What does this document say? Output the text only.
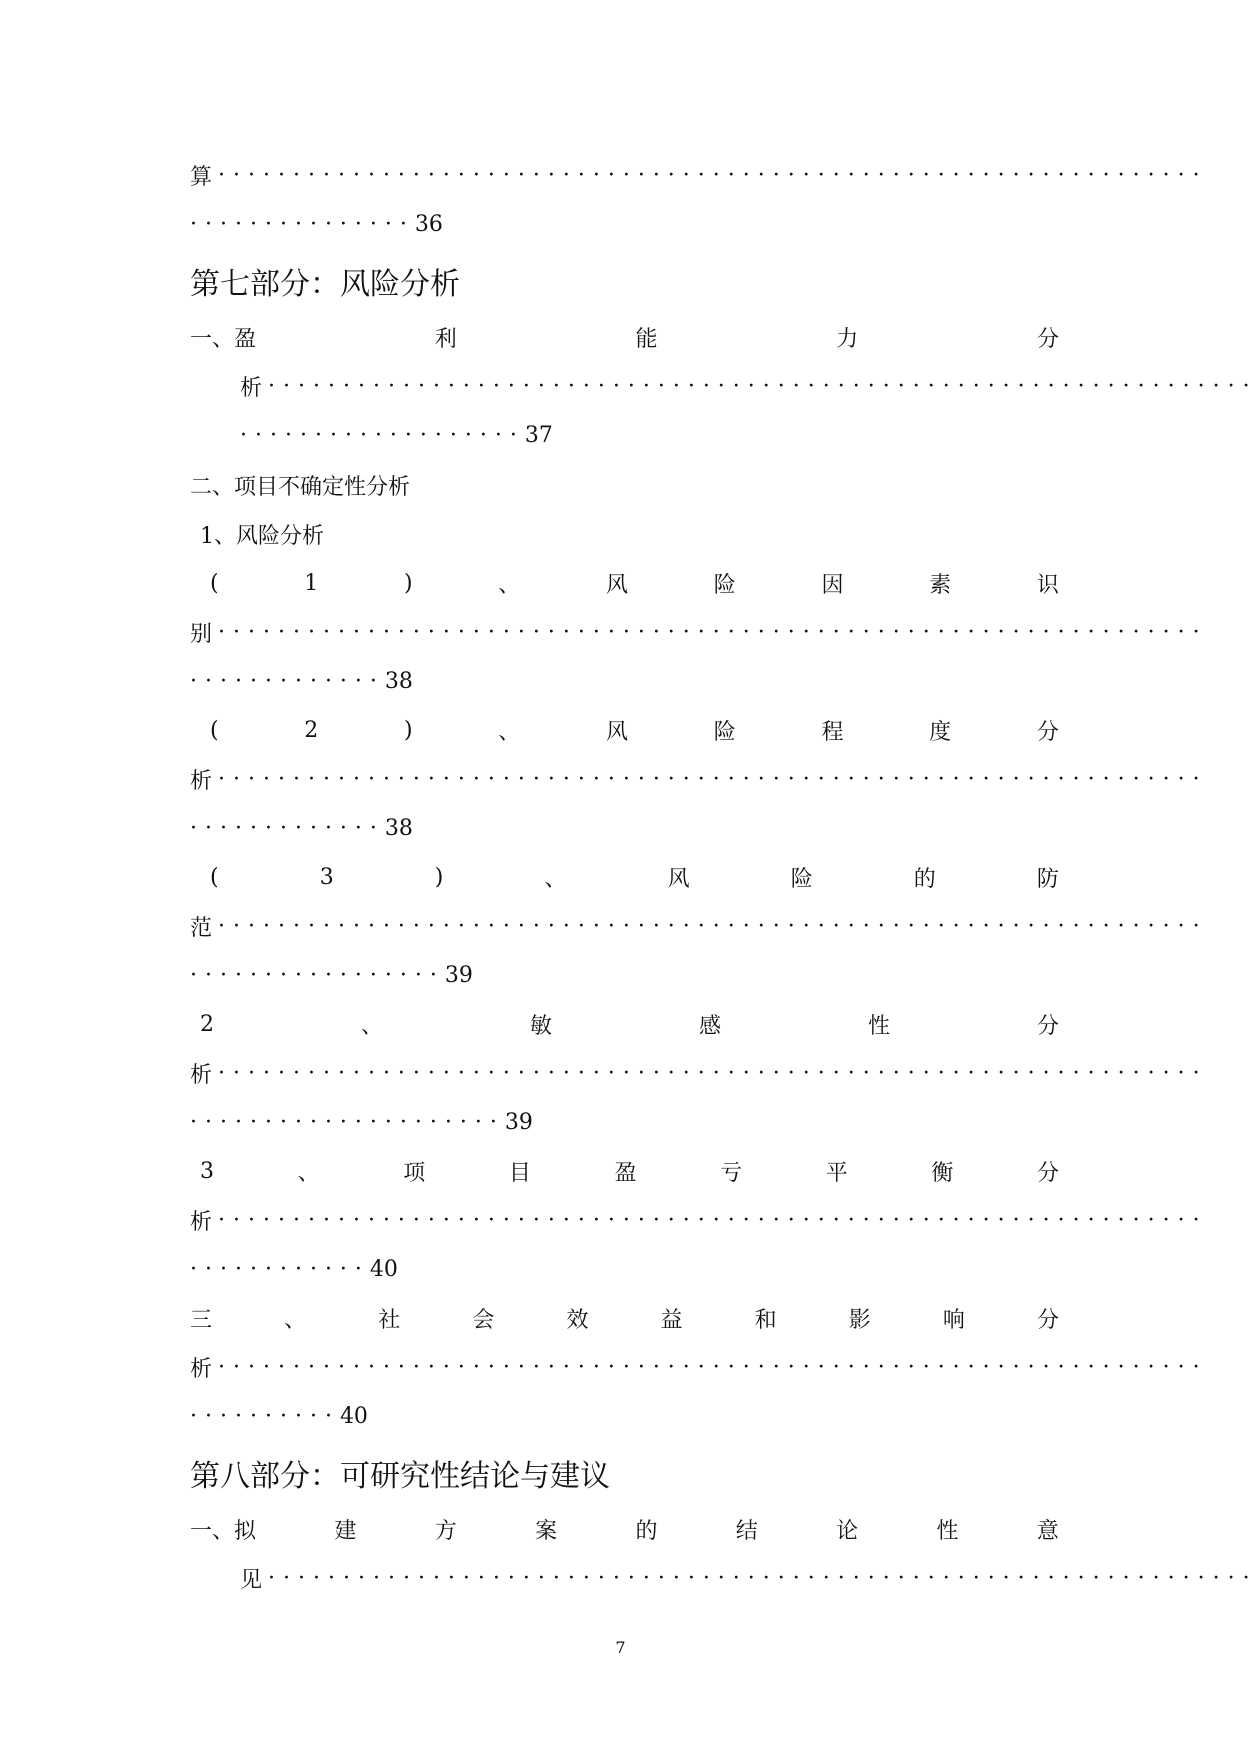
算 ··································································
··············· 36
第七部分：风险分析
一、盈	利	能	力	分
析 ··································································
··················· 37
二、项目不确定性分析
1、风险分析
(	1	)	、	风	险	因	素	识
别 ··································································
············· 38
(	2	)	、	风	险	程	度	分
析 ··································································
············· 38
(	3	)	、	风	险	的	防
范 ··································································
················· 39
2	、	敏	感	性	分
析 ··································································
····················· 39
3	、	项	目	盈	亏	平	衡	分
析 ··································································
············ 40
三	、	社	会	效	益	和	影	响	分
析 ··································································
·········· 40
第八部分：可研究性结论与建议
一、拟	建	方	案	的	结	论	性	意
见 ··································································
7
